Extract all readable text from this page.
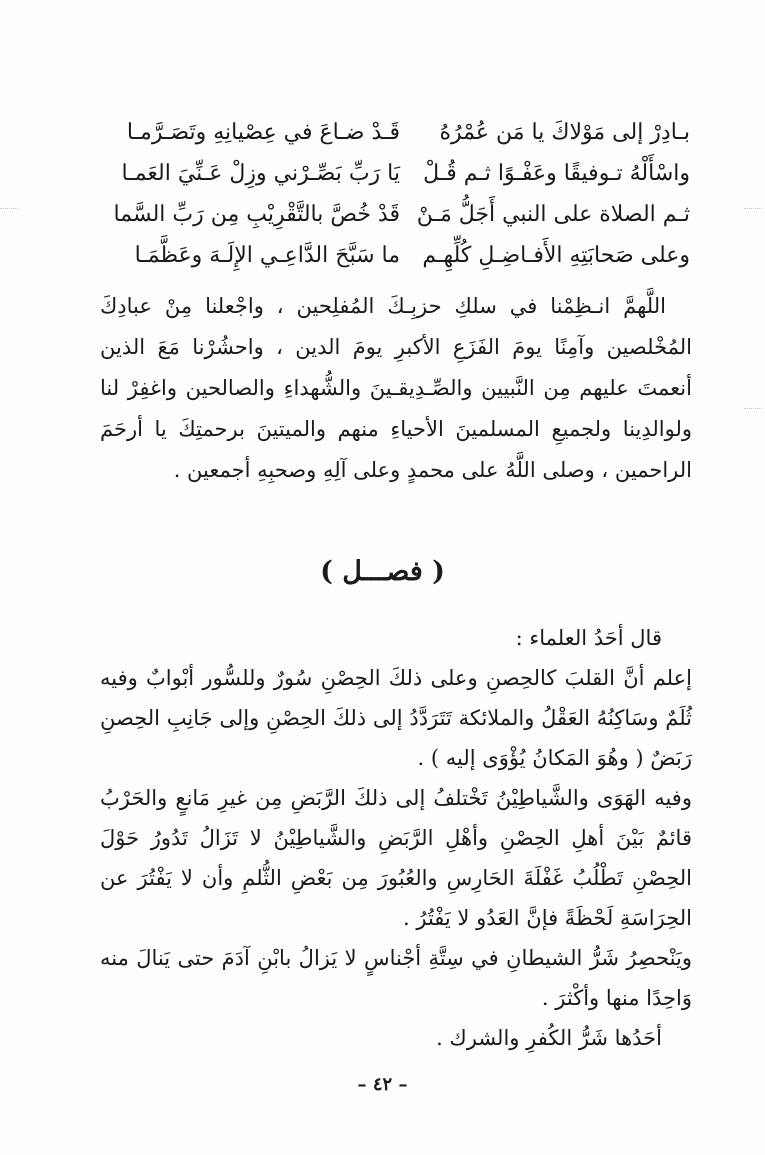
بـادِرْ إلى مَوْلاكَ يا مَن عُمْرُهُ
قَـدْ ضـاعَ في عِصْيانِهِ وتَصَـرَّمـا
واسْأَلْهُ تـوفيقًا وعَفْـوًا ثـم قُـلْ
يَا رَبِّ بَصِّـرْني وزِلْ عَـنِّيَ العَمـا
ثـم الصلاة على النبي أَجَلُّ مَـنْ
قَدْ خُصَّ بالتَّقْرِيْبِ مِن رَبِّ السَّما
وعلى صَحابَتِهِ الأَفـاضِـلِ كُلِّهِـم
ما سَبَّحَ الدَّاعِـي الإِلَـهَ وعَظَّمَـا

اللَّهمَّ انـظِمْنا في سلكِ حزبِـكَ المُفلِحين ، واجْعلنا مِنْ عبادِكَ المُخْلصين وآمِنًا يومَ الفَزَعِ الأكبرِ يومَ الدين ، واحشُرْنا مَعَ الذين أنعمتَ عليهم مِن النَّبيين والصِّـدِيقـينَ والشُّهداءِ والصالحين واغفِرْ لنا ولوالدِينا ولجميعِ المسلمينَ الأحياءِ منهم والميتينَ برحمتِكَ يا أرحَمَ الراحمين ، وصلى اللَّهُ على محمدٍ وعلى آلِهِ وصحبِهِ أجمعين .

( فصـــل )

قال أحَدُ العلماء :

إعلم أنَّ القلبَ كالحِصنِ وعلى ذلكَ الحِصْنِ سُورٌ وللسُّور أبْوابٌ وفيه ثُلَمٌ وسَاكِنُهُ العَقْلُ والملائكة تَتَرَدَّدُ إلى ذلكَ الحِصْنِ وإلى جَانِبِ الحِصنِ رَبَضٌ ( وهُوَ المَكانُ يُؤْوَى إليه ) .

وفيه الهَوَى والشَّياطِيْنُ تَخْتلفُ إلى ذلكَ الرَّبَضِ مِن غيرِ مَانعٍ والحَرْبُ قائمٌ بَيْنَ أهلِ الحِصْنِ وأهْلِ الرَّبَضِ والشَّياطِيْنُ لا تَزَالُ تَدُورُ حَوْلَ الحِصْنِ تَطْلُبُ غَفْلَةَ الحَارِسِ والعُبُورَ مِن بَعْضِ الثُّلمِ وأن لا يَفْتُرَ عن الحِرَاسَةِ لَحْظَةً فإنَّ العَدُو لا يَفْتُرُ .

ويَنْحصِرُ شَرُّ الشيطانِ في سِتَّةِ أجْناسٍ لا يَزالُ بابْنِ آدَمَ حتى يَنالَ منه وَاحِدًا منها وأكْثرَ .

أحَدُها شَرُّ الكُفرِ والشرك .

– ٤٢ –
